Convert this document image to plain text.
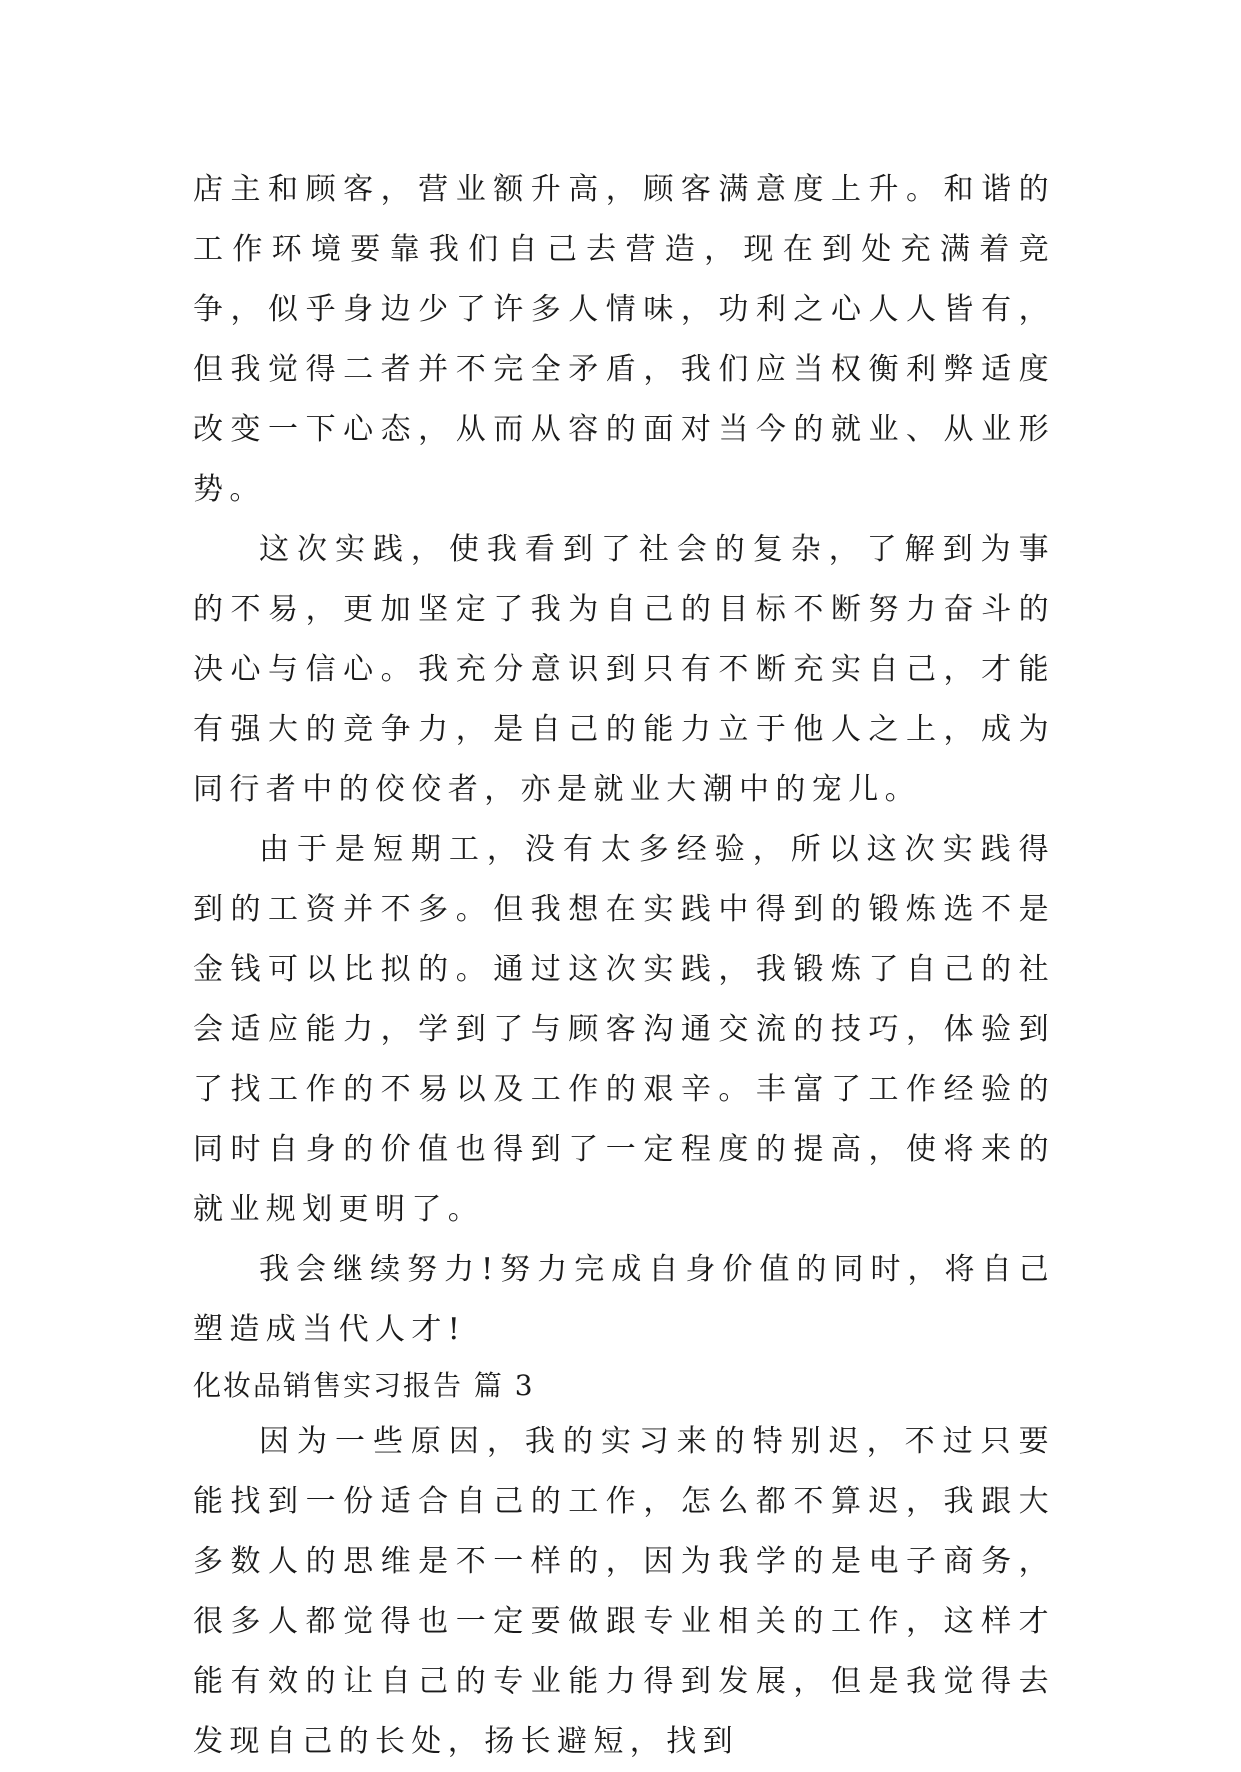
店主和顾客，营业额升高，顾客满意度上升。和谐的工作环境要靠我们自己去营造，现在到处充满着竞争，似乎身边少了许多人情味，功利之心人人皆有，但我觉得二者并不完全矛盾，我们应当权衡利弊适度改变一下心态，从而从容的面对当今的就业、从业形势。

这次实践，使我看到了社会的复杂，了解到为事的不易，更加坚定了我为自己的目标不断努力奋斗的决心与信心。我充分意识到只有不断充实自己，才能有强大的竞争力，是自己的能力立于他人之上，成为同行者中的佼佼者，亦是就业大潮中的宠儿。

由于是短期工，没有太多经验，所以这次实践得到的工资并不多。但我想在实践中得到的锻炼选不是金钱可以比拟的。通过这次实践，我锻炼了自己的社会适应能力，学到了与顾客沟通交流的技巧，体验到了找工作的不易以及工作的艰辛。丰富了工作经验的同时自身的价值也得到了一定程度的提高，使将来的就业规划更明了。

我会继续努力!努力完成自身价值的同时，将自己塑造成当代人才!

化妆品销售实习报告 篇 3

因为一些原因，我的实习来的特别迟，不过只要能找到一份适合自己的工作，怎么都不算迟，我跟大多数人的思维是不一样的，因为我学的是电子商务，很多人都觉得也一定要做跟专业相关的工作，这样才能有效的让自己的专业能力得到发展，但是我觉得去发现自己的长处，扬长避短，找到
